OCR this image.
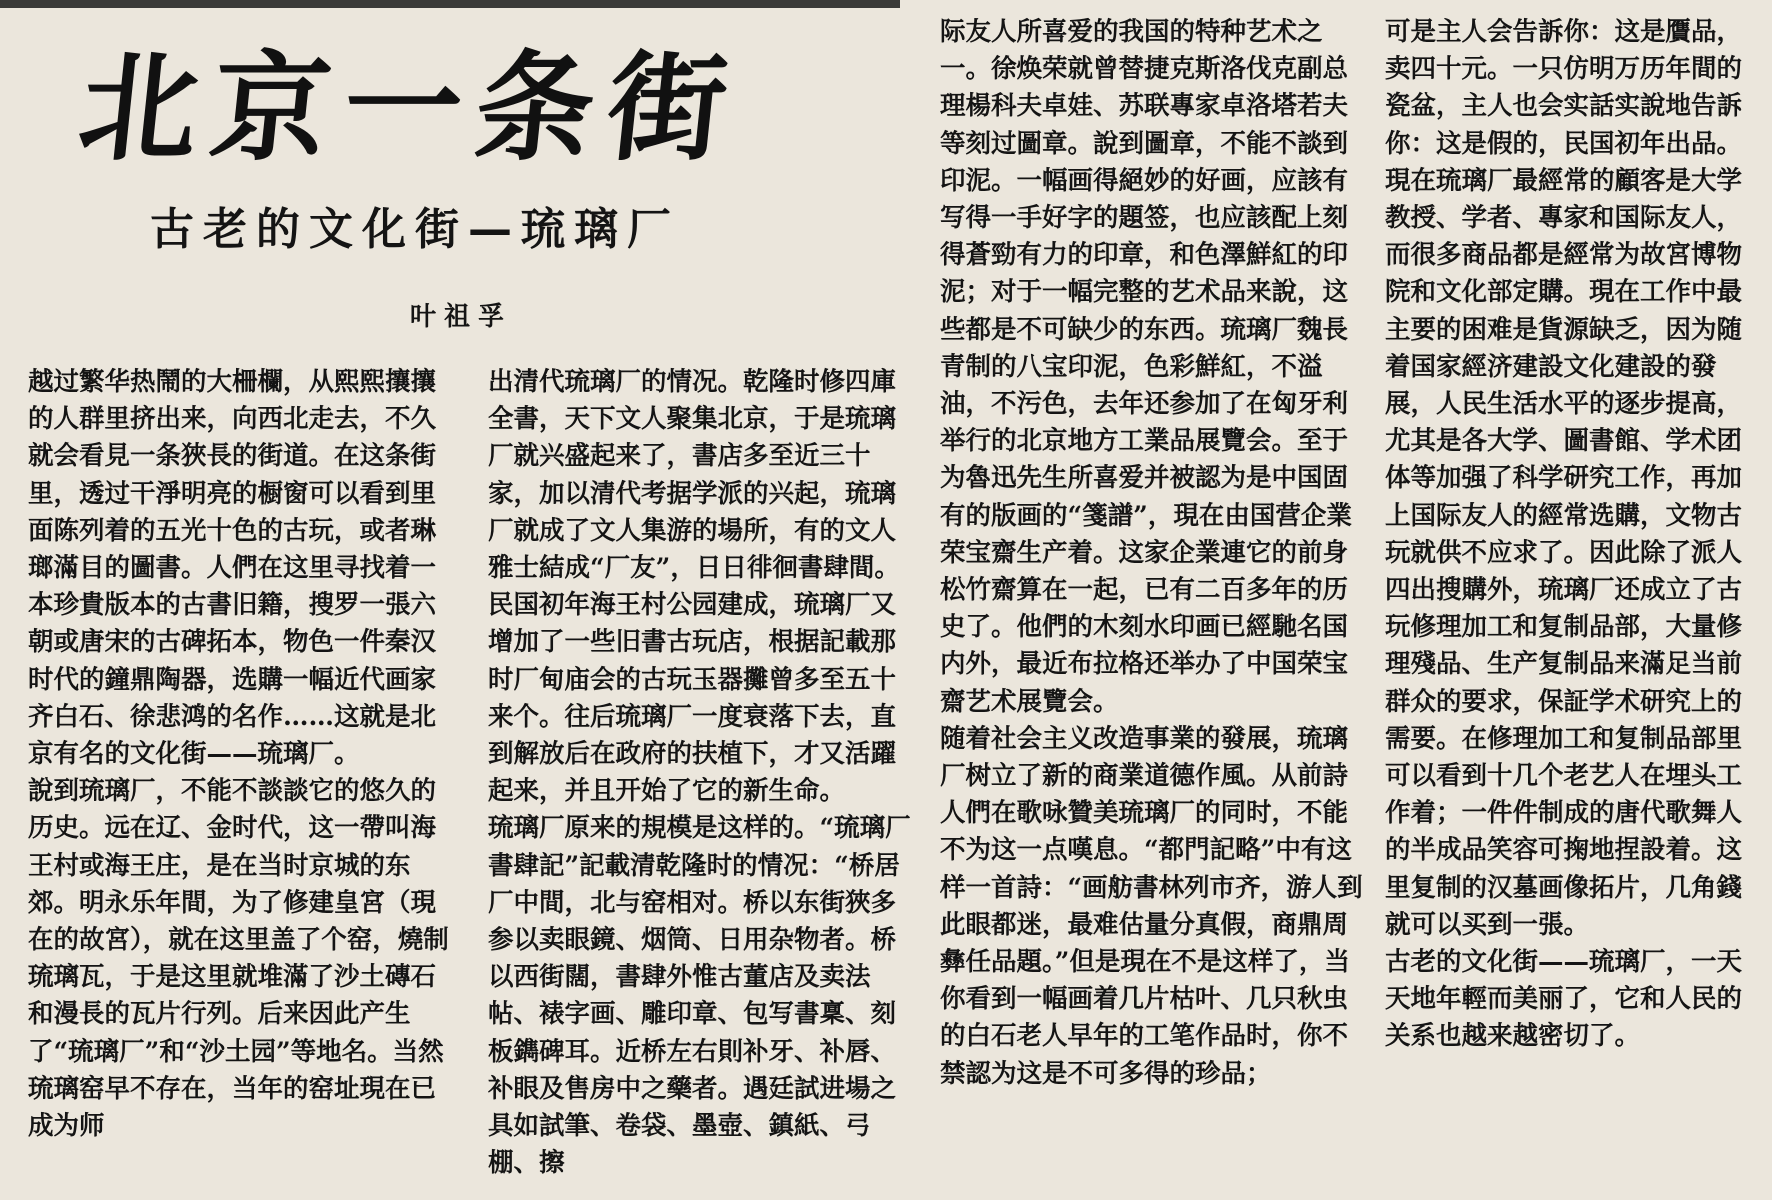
北京一条街
古老的文化街—琉璃厂
叶祖孚

越过繁华热鬧的大柵欄，从熙熙攘攘的人群里挤出来，向西北走去，不久就会看見一条狹長的街道。在这条街里，透过干淨明亮的橱窗可以看到里面陈列着的五光十色的古玩，或者琳瑯滿目的圖書。人們在这里寻找着一本珍貴版本的古書旧籍，搜罗一張六朝或唐宋的古碑拓本，物色一件秦汉时代的鐘鼎陶器，选購一幅近代画家齐白石、徐悲鸿的名作……这就是北京有名的文化街——琉璃厂。

說到琉璃厂，不能不談談它的悠久的历史。远在辽、金时代，这一帶叫海王村或海王庄，是在当时京城的东郊。明永乐年間，为了修建皇宮（現在的故宮），就在这里盖了个窑，燒制琉璃瓦，于是这里就堆滿了沙土磚石和漫長的瓦片行列。后来因此产生了“琉璃厂”和“沙土园”等地名。当然琉璃窑早不存在，当年的窑址現在已成为师

出清代琉璃厂的情况。乾隆时修四庫全書，天下文人聚集北京，于是琉璃厂就兴盛起来了，書店多至近三十家，加以清代考据学派的兴起，琉璃厂就成了文人集游的場所，有的文人雅士結成“厂友”，日日徘徊書肆間。民国初年海王村公园建成，琉璃厂又增加了一些旧書古玩店，根据記載那时厂甸庙会的古玩玉器攤曾多至五十来个。往后琉璃厂一度衰落下去，直到解放后在政府的扶植下，才又活躍起来，并且开始了它的新生命。

琉璃厂原来的規模是这样的。“琉璃厂書肆記”記載清乾隆时的情况：“桥居厂中間，北与窑相对。桥以东街狹多参以卖眼鏡、烟筒、日用杂物者。桥以西街闊，書肆外惟古董店及卖法帖、裱字画、雕印章、包写書稟、刻板鐫碑耳。近桥左右則补牙、补唇、补眼及售房中之藥者。遇廷試进場之具如試筆、卷袋、墨壺、鎮紙、弓棚、擦

际友人所喜爱的我国的特种艺术之一。徐焕荣就曾替捷克斯洛伐克副总理楊科夫卓娃、苏联專家卓洛塔若夫等刻过圖章。說到圖章，不能不談到印泥。一幅画得絕妙的好画，应該有写得一手好字的題签，也应該配上刻得蒼勁有力的印章，和色澤鮮紅的印泥；对于一幅完整的艺术品来說，这些都是不可缺少的东西。琉璃厂魏長青制的八宝印泥，色彩鮮紅，不溢油，不污色，去年还参加了在匈牙利举行的北京地方工業品展覽会。至于为魯迅先生所喜爱并被認为是中国固有的版画的“箋譜”，現在由国营企業荣宝齋生产着。这家企業連它的前身松竹齋算在一起，已有二百多年的历史了。他們的木刻水印画已經馳名国内外，最近布拉格还举办了中国荣宝齋艺术展覽会。

随着社会主义改造事業的發展，琉璃厂树立了新的商業道德作風。从前詩人們在歌咏贊美琉璃厂的同时，不能不为这一点嘆息。“都門記略”中有这样一首詩：“画舫書林列市齐，游人到此眼都迷，最难估量分真假，商鼎周彝任品題。”但是現在不是这样了，当你看到一幅画着几片枯叶、几只秋虫的白石老人早年的工笔作品时，你不禁認为这是不可多得的珍品；

可是主人会告訴你：这是贋品，卖四十元。一只仿明万历年間的瓷盆，主人也会实話实說地告訴你：这是假的，民国初年出品。

現在琉璃厂最經常的顧客是大学教授、学者、專家和国际友人，而很多商品都是經常为故宮博物院和文化部定購。現在工作中最主要的困难是貨源缺乏，因为随着国家經济建設文化建設的發展，人民生活水平的逐步提高，尤其是各大学、圖書館、学术团体等加强了科学研究工作，再加上国际友人的經常选購，文物古玩就供不应求了。因此除了派人四出搜購外，琉璃厂还成立了古玩修理加工和复制品部，大量修理殘品、生产复制品来滿足当前群众的要求，保証学术研究上的需要。在修理加工和复制品部里可以看到十几个老艺人在埋头工作着；一件件制成的唐代歌舞人的半成品笑容可掬地捏設着。这里复制的汉墓画像拓片，几角錢就可以买到一張。

古老的文化街——琉璃厂，一天天地年輕而美丽了，它和人民的关系也越来越密切了。
